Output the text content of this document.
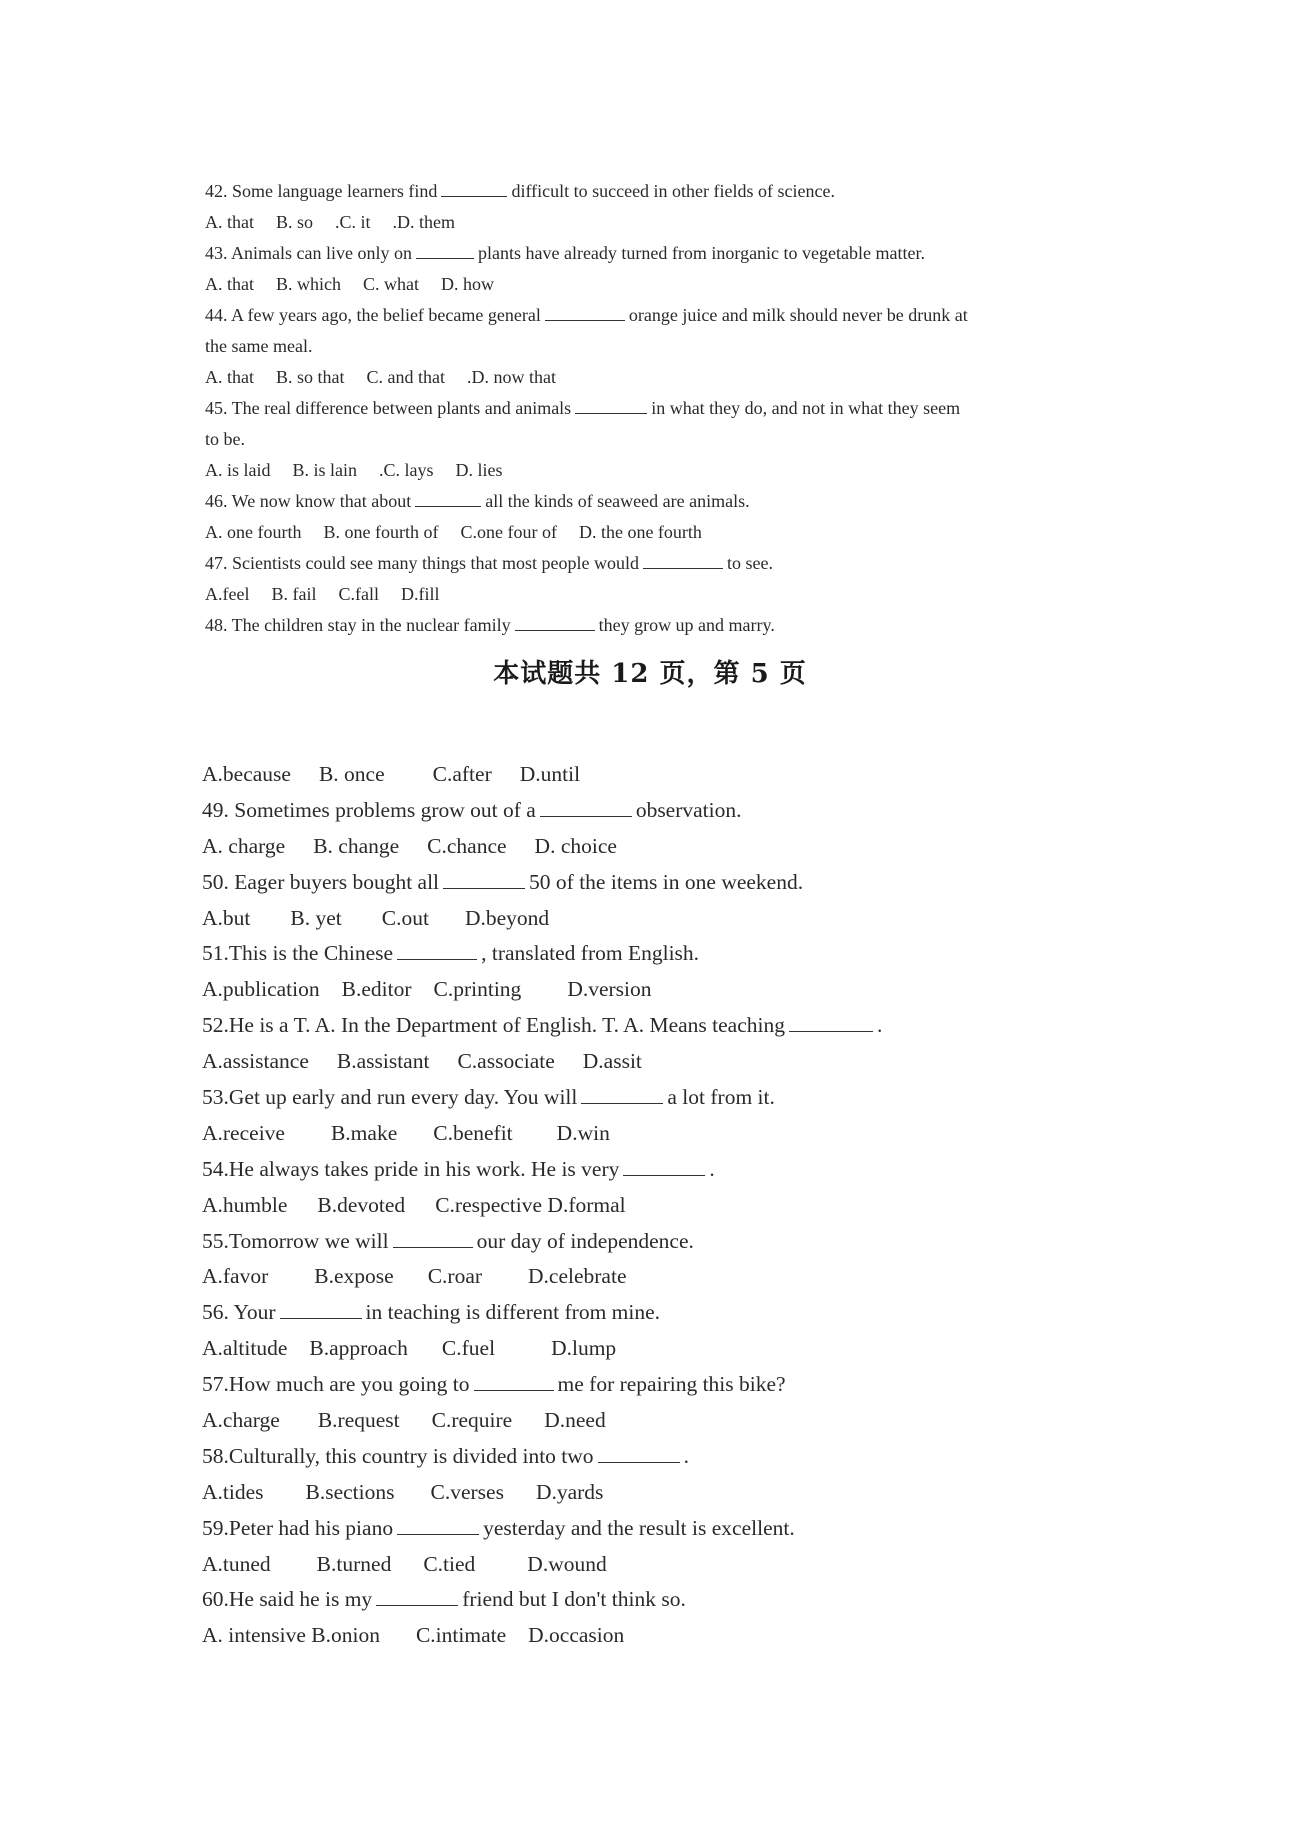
42. Some language learners find	difficult to succeed in other fields of science.
A. that B. so .C. it .D. them
43. Animals can live only on	plants have already turned from inorganic to vegetable matter.
A. that B. which C. what D. how
44. A few years ago, the belief became general	orange juice and milk should never be drunk at
the same meal.
A. that B. so that C. and that .D. now that
45. The real difference between plants and animals	in what they do, and not in what they seem
to be.
A. is laid B. is lain .C. lays D. lies
46. We now know that about	all the kinds of seaweed are animals.
A. one fourth B. one fourth of C.one four of D. the one fourth
47. Scientists could see many things that most people would	to see.
A.feel B. fail C.fall D.fill
48. The children stay in the nuclear family	they grow up and marry.
本试题共 12 页，第 5 页
A.because B. once C.after D.until
49. Sometimes problems grow out of a	observation.
A. charge B. change C.chance D. choice
50. Eager buyers bought all	50 of the items in one weekend.
A.but B. yet C.out D.beyond
51.This is the Chinese	, translated from English.
A.publication B.editor C.printing D.version
52.He is a T. A. In the Department of English. T. A. Means teaching	.
A.assistance B.assistant C.associate D.assit
53.Get up early and run every day. You will	a lot from it.
A.receive B.make C.benefit D.win
54.He always takes pride in his work. He is very	.
A.humble B.devoted C.respective D.formal
55.Tomorrow we will	our day of independence.
A.favor B.expose C.roar D.celebrate
56. Your	in teaching is different from mine.
A.altitude B.approach C.fuel	D.lump
57.How much are you going to	me for repairing this bike?
A.charge B.request C.require D.need
58.Culturally, this country is divided into two	.
A.tides B.sections C.verses D.yards
59.Peter had his piano	yesterday and the result is excellent.
A.tuned B.turned C.tied D.wound
60.He said he is my	friend but I don't think so.
A. intensive B.onion C.intimate D.occasion
